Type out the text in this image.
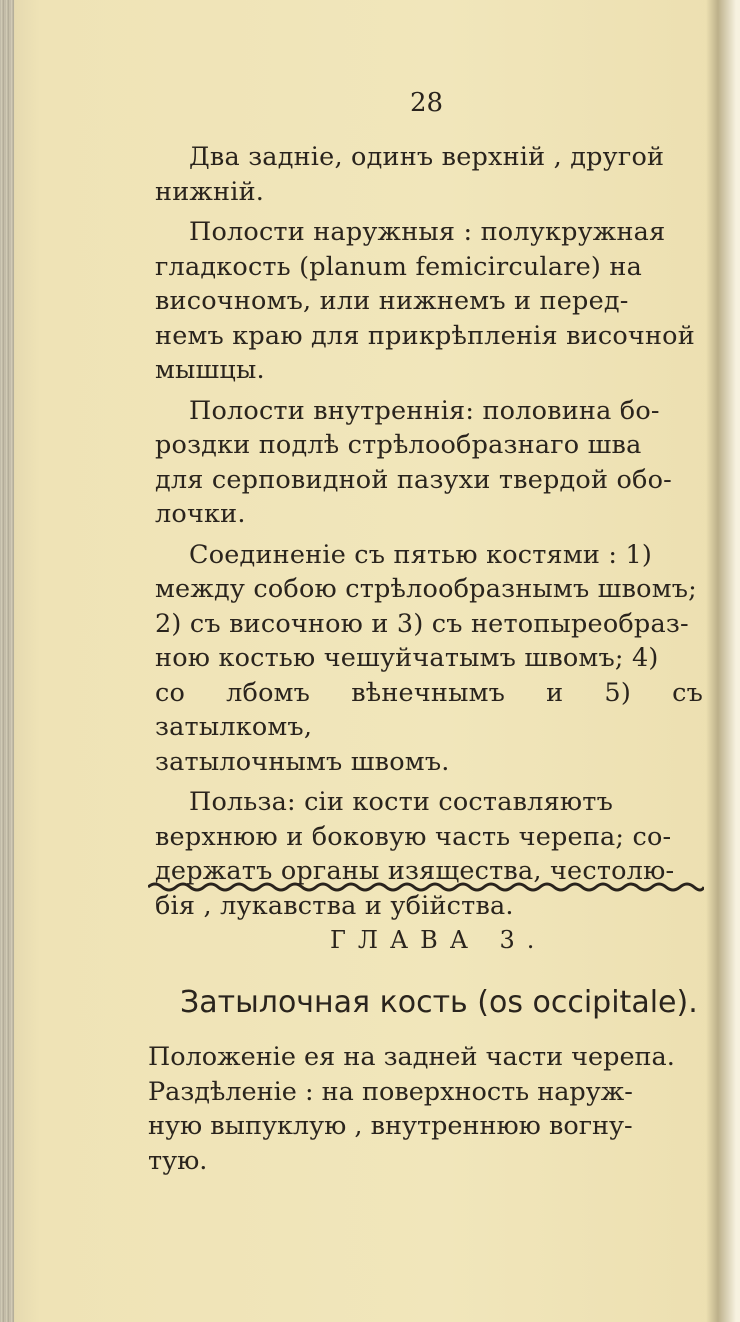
28

Два задніе, одинъ верхній , другой
нижній.

Полости наружныя : полукружная
гладкость (planum femicirculare) на
височномъ, или нижнемъ и перед-
немъ краю для прикрѣпленія височной
мышцы.

Полости внутреннія: половина бо-
роздки подлѣ стрѣлообразнаго шва
для серповидной пазухи твердой обо-
лочки.

Соединеніе съ пятью костями : 1)
между собою стрѣлообразнымъ швомъ;
2) съ височною и 3) съ нетопыреобраз-
ною костью чешуйчатымъ швомъ; 4)
со лбомъ вѣнечнымъ и 5) съ затылкомъ,
затылочнымъ швомъ.

Польза: сіи кости составляютъ
верхнюю и боковую часть черепа; со-
держатъ органы изящества, честолю-
бія , лукавства и убійства.

ГЛАВА 3.
Затылочная кость (os occipitale).

Положеніе ея на задней части черепа.
Раздѣленіе : на поверхность наруж-
ную выпуклую , внутреннюю вогну-
тую.
